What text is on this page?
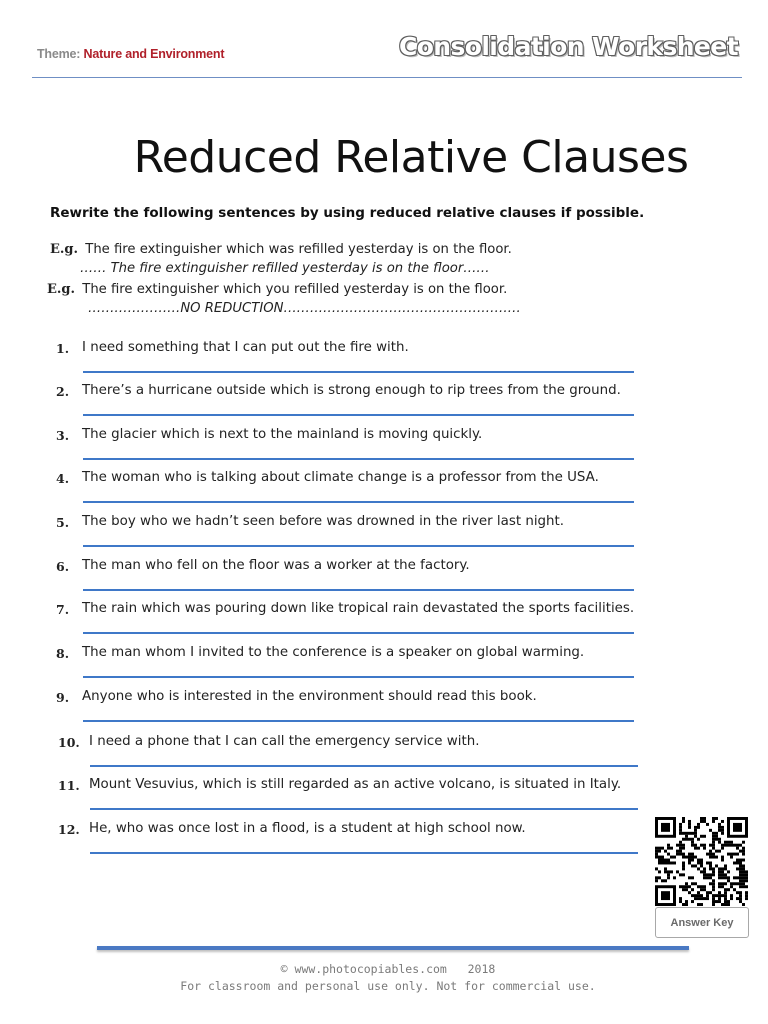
Theme: Nature and Environment	Consolidation Worksheet
Reduced Relative Clauses
Rewrite the following sentences by using reduced relative clauses if possible.
E.g. The fire extinguisher which was refilled yesterday is on the floor.
…… The fire extinguisher refilled yesterday is on the floor……
E.g. The fire extinguisher which you refilled yesterday is on the floor.
…………………NO REDUCTION………………………………………………
1. I need something that I can put out the fire with.
2. There’s a hurricane outside which is strong enough to rip trees from the ground.
3. The glacier which is next to the mainland is moving quickly.
4. The woman who is talking about climate change is a professor from the USA.
5. The boy who we hadn’t seen before was drowned in the river last night.
6. The man who fell on the floor was a worker at the factory.
7. The rain which was pouring down like tropical rain devastated the sports facilities.
8. The man whom I invited to the conference is a speaker on global warming.
9. Anyone who is interested in the environment should read this book.
10. I need a phone that I can call the emergency service with.
11. Mount Vesuvius, which is still regarded as an active volcano, is situated in Italy.
12. He, who was once lost in a flood, is a student at high school now.
Answer Key
© www.photocopiables.com   2018
For classroom and personal use only. Not for commercial use.
